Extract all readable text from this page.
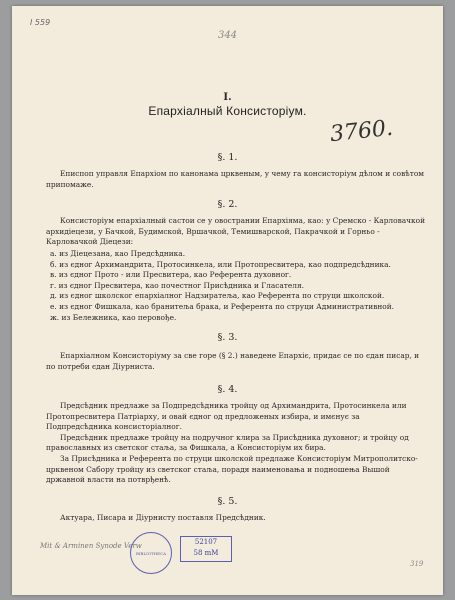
I 559
344
I.
Епархіалный Консисторіум.
3760.
§. 1.

Еписпоп управля Епархіом по канонама црквеным, у чему га консисторіум дѣлом и совѣтом припомаже.

§. 2.

Консисторіум епархіалный састои се у овострании Епархіяма, као: у Сремско - Карловачкой архидіецези, у Бачкой, Будимской, Вршачкой, Темишварской, Пакрачкой и Горньо - Карловачкой Діецези:

а. из Діецезана, као Предсѣдника.
б. из єдног Архимандрита, Протосинкела, или Протопресвитера, као подпредсѣдника.
в. из єдног Прото - или Пресвитера, као Референта духовног.
г. из єдног Пресвитера, као почестног Присѣдника и Гласателя.
д. из єдног школског епархіалног Надзиратеља, као Референта по струци школской.
е. из єдног Фишкала, као бранитеља брака, и Референта по струци Административной.
ж. из Бележника, као перовође.
§. 3.

Епархіалном Консисторіуму за све горе (§ 2.) наведене Епархіє, придає се по єдан писар, и по потреби єдан Діурниста.

§. 4.

Предсѣдник предлаже за Подпредсѣдника тройцу од Архимандрита, Протосинкела или Протопресвитера Патріарху, и овай єдног од предложеных избира, и имєнує за Подпредсѣдника консисторіалног.

Предсѣдник предлаже тройцу на подручног клира за Присѣдника духовног; и тройцу од православных из светског стаља, за Фишкала, а Консисторіум их бира.

За Присѣдника и Референта по струци школской предлаже Консисторіум Митрополитско-црквеном Сабору тройцу из светског стаља, порадя наименовања и подношења Вышой државной власти на потврђенѣ.

§. 5.

Актуара, Писара и Діурнисту поставля Предсѣдник.

Mit & Arminen Synode Verw
BIBLIOTHECA
52107
58 mM
319
